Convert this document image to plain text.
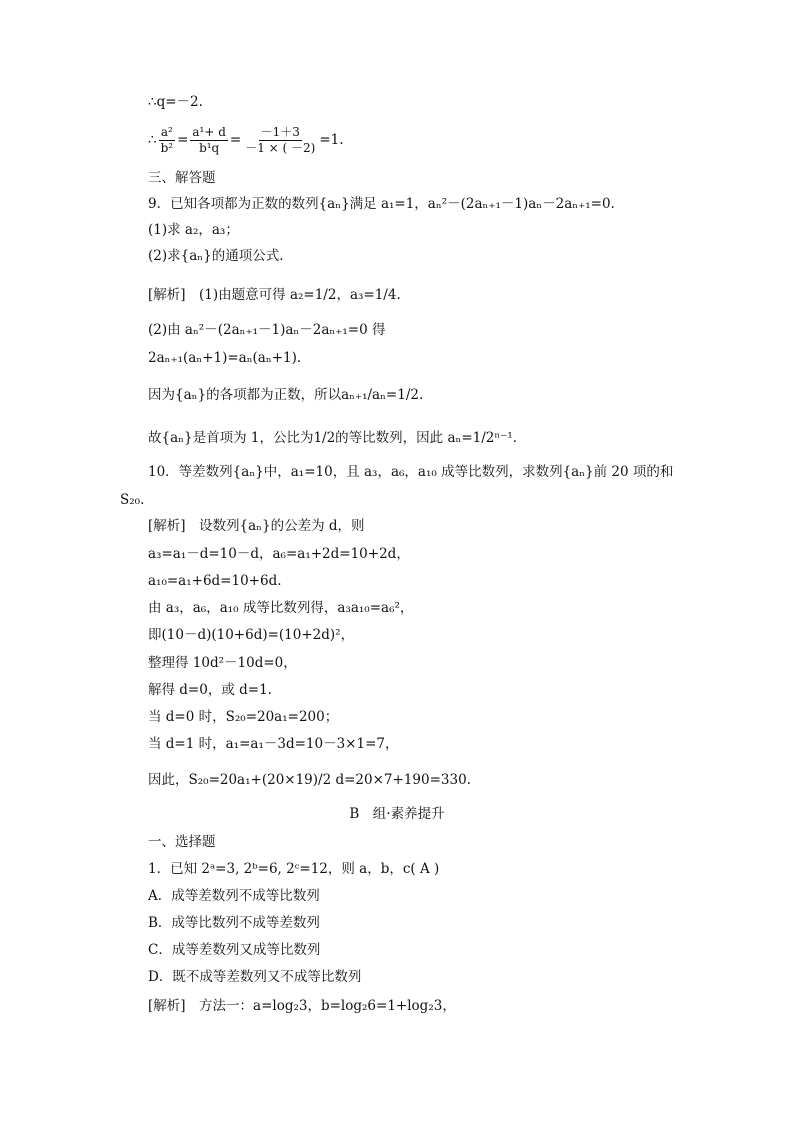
∴q=－2.
∴ $\frac{\text{a²}}{\text{b²}} = \frac{\text{a¹+ d}}{\text{b¹q}} = \frac{-1+3}{-1 \times ( -2)} =1$.
三、解答题
9．已知各项都为正数的数列{aₙ}满足 a₁=1，aₙ²－(2aₙ₊₁－1)aₙ－2aₙ₊₁=0.
(1)求 a₂，a₃；
(2)求{aₙ}的通项公式.
[解析]　(1)由题意可得 a₂=1/2，a₃=1/4.
(2)由 aₙ²－(2aₙ₊₁－1)aₙ－2aₙ₊₁=0 得
2aₙ₊₁(aₙ+1)=aₙ(aₙ+1).
因为{aₙ}的各项都为正数，所以aₙ₊₁/aₙ=1/2.
故{aₙ}是首项为 1，公比为1/2的等比数列，因此 aₙ=1/2ⁿ⁻¹.
10．等差数列{aₙ}中，a₁=10，且 a₃，a₆，a₁₀ 成等比数列，求数列{aₙ}前 20 项的和
S₂₀.
[解析]　设数列{aₙ}的公差为 d，则
a₃=a₁－d=10－d，a₆=a₁+2d=10+2d，
a₁₀=a₁+6d=10+6d.
由 a₃，a₆，a₁₀ 成等比数列得，a₃a₁₀=a₆²，
即(10－d)(10+6d)=(10+2d)²，
整理得 10d²－10d=0，
解得 d=0，或 d=1.
当 d=0 时，S₂₀=20a₁=200；
当 d=1 时，a₁=a₁－3d=10－3×1=7，
因此，S₂₀=20a₁+(20×19)/2 d=20×7+190=330.
B　组·素养提升
一、选择题
1．已知 2ᵃ=3, 2ᵇ=6, 2ᶜ=12，则 a，b，c( A )
A．成等差数列不成等比数列
B．成等比数列不成等差数列
C．成等差数列又成等比数列
D．既不成等差数列又不成等比数列
[解析]　方法一：a=log₂3，b=log₂6=1+log₂3，
